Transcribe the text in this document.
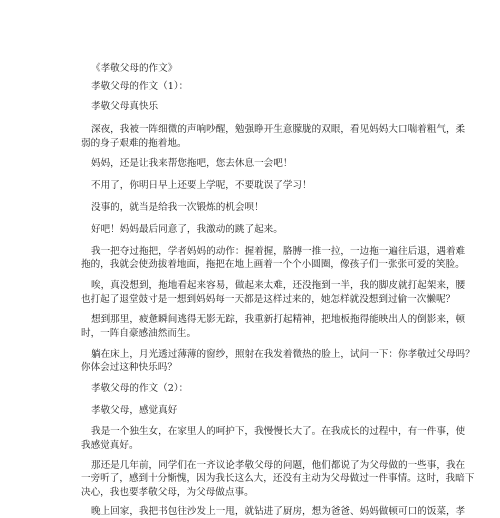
《孝敬父母的作文》
孝敬父母的作文（1）：
孝敬父母真快乐
深夜，我被一阵细微的声响吵醒，勉强睁开生意朦胧的双眼，看见妈妈大口喘着粗气，柔
弱的身子艰难的拖着地。
妈妈，还是让我来帮您拖吧，您去休息一会吧！
不用了，你明日早上还要上学呢，不要耽误了学习！
没事的，就当是给我一次锻炼的机会呗！
好吧！妈妈最后同意了，我激动的跳了起来。
我一把夺过拖把，学者妈妈的动作：握着握，胳膊一推一拉，一边拖一遍往后退，遇着难
拖的，我就会使劲拔着地面，拖把在地上画着一个个小圆圈，像孩子们一张张可爱的笑脸。
唉，真没想到，拖地看起来容易，做起来太难，还没拖到一半，我的脚皮就打起架来，腰
也打起了退堂鼓寸是一想到妈妈每一天都是这样过来的，她怎样就没想到过偷一次懒呢？
想到那里，疲惫瞬间逃得无影无踪，我重新打起精神，把地板拖得能映出人的倒影来，顿
时，一阵自豪感油然而生。
躺在床上，月光透过薄薄的窗纱，照射在我发着微热的脸上，试问一下：你孝敬过父母吗？
你体会过这种快乐吗？
孝敬父母的作文（2）：
孝敬父母，感觉真好
我是一个独生女，在家里人的呵护下，我慢慢长大了。在我成长的过程中，有一件事，使
我感觉真好。
那还是几年前，同学们在一齐议论孝敬父母的问题，他们都说了为父母做的一些事，我在
一旁听了，感到十分惭愧，因为我长这么大，还没有主动为父母做过一件事情。这时，我暗下
决心，我也要孝敬父母，为父母做点事。
晚上回家，我把书包往沙发上一甩，就钻进了厨房，想为爸爸、妈妈做顿可口的饭菜，孝
